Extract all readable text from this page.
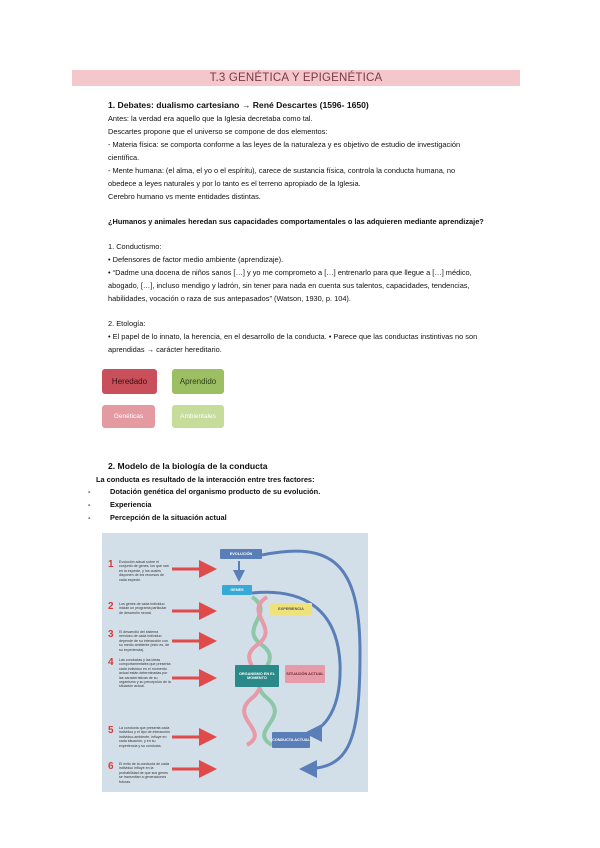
T.3 GENÉTICA Y EPIGENÉTICA
1. Debates: dualismo cartesiano → René Descartes (1596- 1650)
Antes: la verdad era aquello que la Iglesia decretaba como tal.
Descartes propone que el universo se compone de dos elementos:
- Materia física: se comporta conforme a las leyes de la naturaleza y es objetivo de estudio de investigación
científica.
- Mente humana: (el alma, el yo o el espíritu), carece de sustancia física, controla la conducta humana, no
obedece a leyes naturales y por lo tanto es el terreno apropiado de la Iglesia.
Cerebro humano vs mente entidades distintas.
¿Humanos y animales heredan sus capacidades comportamentales o las adquieren mediante aprendizaje?
1. Conductismo:
• Defensores de factor medio ambiente (aprendizaje).
• “Dadme una docena de niños sanos […] y yo me comprometo a […] entrenarlo para que llegue a […] médico,
abogado, […], incluso mendigo y ladrón, sin tener para nada en cuenta sus talentos, capacidades, tendencias,
habilidades, vocación o raza de sus antepasados” (Watson, 1930, p. 104).
2. Etología:
• El papel de lo innato, la herencia, en el desarrollo de la conducta. • Parece que las conductas instintivas no son
aprendidas → carácter hereditario.
Heredado	Aprendido
Genéticas	Ambientales
2. Modelo de la biología de la conducta
La conducta es resultado de la interacción entre tres factores:
-	Dotación genética del organismo producto de su evolución.
-	Experiencia
-	Percepción de la situación actual
EVOLUCIÓN
GENES
EXPERIENCIA
ORGANISMO EN EL MOMENTO
SITUACIÓN ACTUAL
CONDUCTA ACTUAL
1 Evolución actual sobre el conjunto de genes, los que van en la especie, y los cuales disponen de los recursos de cada especie.
2 Los genes de cada individuo inician un programa particular de desarrollo neural.
3 El desarrollo del sistema nervioso de cada individuo depende de su interacción con su medio ambiente (esto es, de su experiencia).
4 Las conductas y las ideas comportamentales que presenta cada individuo en el momento actual están determinadas por las características de su organismo y su percepción de la situación actual.
5 La conducta que presenta cada individuo y el tipo de interacción individuo-ambiente, influye en cada situación, y en su experiencia y su conducta.
6 El éxito de la conducta de cada individuo influye en la probabilidad de que sus genes se transmitan a generaciones futuras.
